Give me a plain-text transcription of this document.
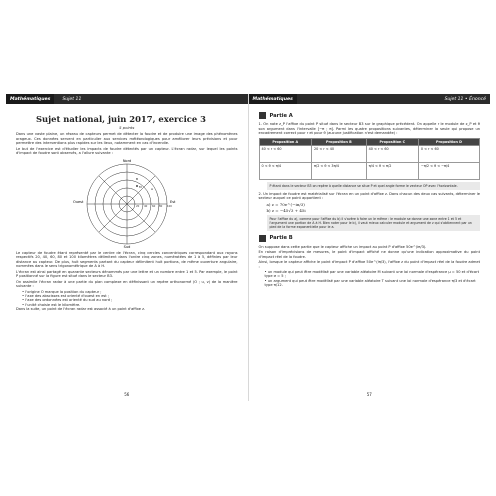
Mathématiques	Sujet 11
Sujet national, juin 2017, exercice 3
5 points

Dans une vaste plaine, un réseau de capteurs permet de détecter la foudre et de produire une image des phénomènes orageux. Ces données servent en particulier aux services météorologiques pour améliorer leurs prévisions et pour permettre des interventions plus rapides sur les lieux, notamment en cas d'incendie.

Le but de l'exercice est d'étudier les impacts de foudre détectés par un capteur. L'écran radar, sur lequel les points d'impact de foudre sont observés, a l'allure suivante :

Nord
Sud
Est
Ouest
20 40 60 80 100
B
A
M

Le capteur de foudre étant représenté par le centre de l'écran, cinq cercles concentriques correspondant aux rayons respectifs 20, 40, 60, 80 et 100 kilomètres délimitent dans l'ordre cinq zones, numérotées de 1 à 5, définies par leur distance au capteur. De plus, huit segments partant du capteur délimitent huit portions, de même ouverture angulaire, nommées dans le sens trigonométrique de A à H.

L'écran est ainsi partagé en quarante secteurs dénommés par une lettre et un nombre entre 1 et 5. Par exemple, le point P positionné sur la figure est situé dans le secteur B3.

On assimile l'écran radar à une partie du plan complexe en définissant un repère orthonormé (O ; u, v) de la manière suivante :

• l'origine O marque la position du capteur ;
• l'axe des abscisses est orienté d'ouest en est ;
• l'axe des ordonnées est orienté du sud au nord ;
• l'unité choisie est le kilomètre.

Dans la suite, un point de l'écran radar est associé à un point d'affixe z.

56
Mathématiques	Sujet 11 • Énoncé
Partie A
1. On note z_P l'affixe du point P situé dans le secteur B3 sur le graphique précédent. On appelle r le module de z_P et θ son argument dans l'intervalle ]−π ; π]. Parmi les quatre propositions suivantes, déterminer la seule qui propose un encadrement correct pour r et pour θ (aucune justification n'est demandée) :
Proposition A	Proposition B	Proposition C	Proposition D
40 < r < 60	20 < r < 40	40 < r < 60	0 < r < 60
0 < θ < π/4	π/2 < θ < 3π/4	π/4 < θ < π/2	−π/2 < θ < −π/4
P étant dans le secteur B3 on repère à quelle distance se situe P et quel angle forme le vecteur OP avec l'horizontale.

2. Un impact de foudre est matérialisé sur l'écran en un point d'affixe z. Dans chacun des deux cas suivants, déterminer le secteur auquel ce point appartient :

a) z = 70e^(−iπ/3)
b) z = −45√3 + 45i
Pour l'affixe du a), comme pour l'affixe du b) il s'avère à faire un le même : le module se donne une zone entre 1 et 5 et l'argument une portion de A à H. Bien noter pour le b), il vaut mieux calculer module et argument de z qui s'obtiennent par un pied de la forme exponentielle pour le a.
Partie B

On suppose dans cette partie que le capteur affiche un impact au point P d'affixe 50e^(iπ/3).

En raison d'imprécisions de mesures, le point d'impact affiché ne donne qu'une indication approximative du point d'impact réel de la foudre.

Ainsi, lorsque le capteur affiche le point d'impact P d'affixe 50e^(iπ/3), l'affixe z du point d'impact réel de la foudre admet :

• un module qui peut être modélisé par une variable aléatoire M suivant une loi normale d'espérance μ = 50 et d'écart type σ = 5 ;
• un argument qui peut être modélisé par une variable aléatoire T suivant une loi normale d'espérance π/3 et d'écart type π/12.
57
